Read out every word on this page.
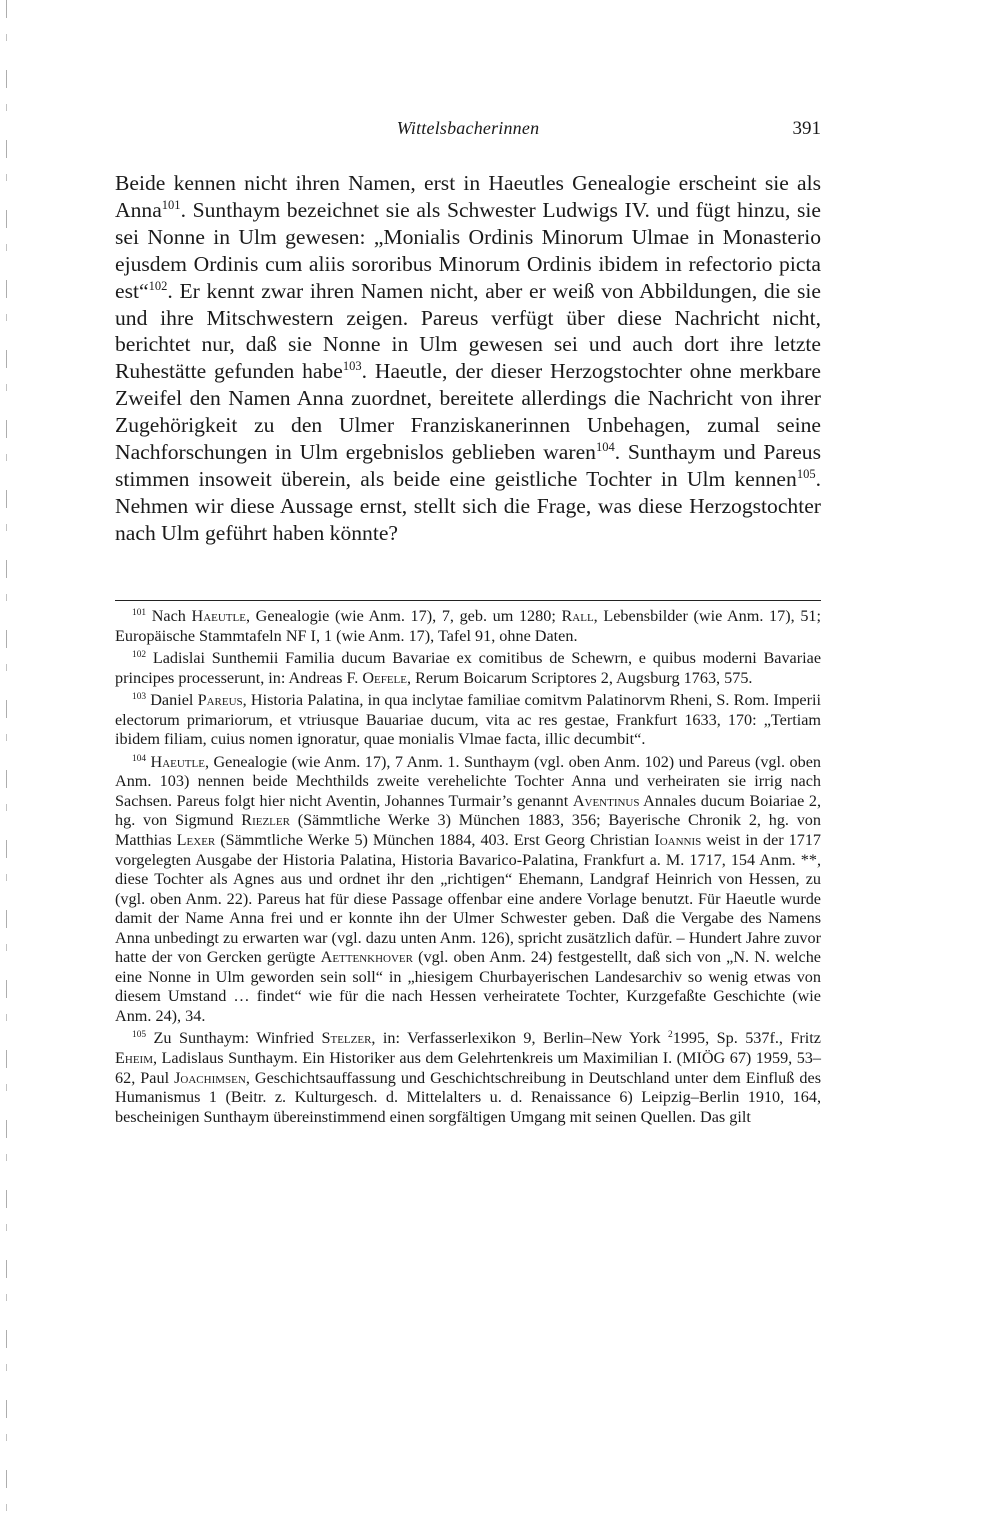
Wittelsbacherinnen	391

Beide kennen nicht ihren Namen, erst in Haeutles Genealogie erscheint sie als Anna$^{101}$. Sunthaym bezeichnet sie als Schwester Ludwigs IV. und fügt hinzu, sie sei Nonne in Ulm gewesen: „Monialis Ordinis Minorum Ulmae in Monasterio ejusdem Ordinis cum aliis sororibus Minorum Ordinis ibidem in refectorio picta est“$^{102}$. Er kennt zwar ihren Namen nicht, aber er weiß von Abbildungen, die sie und ihre Mitschwestern zeigen. Pareus verfügt über diese Nachricht nicht, berichtet nur, daß sie Nonne in Ulm gewesen sei und auch dort ihre letzte Ruhestätte gefunden habe$^{103}$. Haeutle, der dieser Herzogstochter ohne merkbare Zweifel den Namen Anna zuordnet, bereitete allerdings die Nachricht von ihrer Zugehörigkeit zu den Ulmer Franziskanerinnen Unbehagen, zumal seine Nachforschungen in Ulm ergebnislos geblieben waren$^{104}$. Sunthaym und Pareus stimmen insoweit überein, als beide eine geistliche Tochter in Ulm kennen$^{105}$. Nehmen wir diese Aussage ernst, stellt sich die Frage, was diese Herzogstochter nach Ulm geführt haben könnte?

$^{101}$ Nach Haeutle, Genealogie (wie Anm. 17), 7, geb. um 1280; Rall, Lebensbilder (wie Anm. 17), 51; Europäische Stammtafeln NF I, 1 (wie Anm. 17), Tafel 91, ohne Daten.

$^{102}$ Ladislai Sunthemii Familia ducum Bavariae ex comitibus de Schewrn, e quibus moderni Bavariae principes processerunt, in: Andreas F. Oefele, Rerum Boicarum Scriptores 2, Augsburg 1763, 575.

$^{103}$ Daniel Pareus, Historia Palatina, in qua inclytae familiae comitvm Palatinorvm Rheni, S. Rom. Imperii electorum primariorum, et vtriusque Bauariae ducum, vita ac res gestae, Frankfurt 1633, 170: „Tertiam ibidem filiam, cuius nomen ignoratur, quae monialis Vlmae facta, illic decumbit“.

$^{104}$ Haeutle, Genealogie (wie Anm. 17), 7 Anm. 1. Sunthaym (vgl. oben Anm. 102) und Pareus (vgl. oben Anm. 103) nennen beide Mechthilds zweite verehelichte Tochter Anna und verheiraten sie irrig nach Sachsen. Pareus folgt hier nicht Aventin, Johannes Turmair’s genannt Aventinus Annales ducum Boiariae 2, hg. von Sigmund Riezler (Sämmtliche Werke 3) München 1883, 356; Bayerische Chronik 2, hg. von Matthias Lexer (Sämmtliche Werke 5) München 1884, 403. Erst Georg Christian Ioannis weist in der 1717 vorgelegten Ausgabe der Historia Palatina, Historia Bavarico-Palatina, Frankfurt a. M. 1717, 154 Anm. **, diese Tochter als Agnes aus und ordnet ihr den „richtigen“ Ehemann, Landgraf Heinrich von Hessen, zu (vgl. oben Anm. 22). Pareus hat für diese Passage offenbar eine andere Vorlage benutzt. Für Haeutle wurde damit der Name Anna frei und er konnte ihn der Ulmer Schwester geben. Daß die Vergabe des Namens Anna unbedingt zu erwarten war (vgl. dazu unten Anm. 126), spricht zusätzlich dafür. – Hundert Jahre zuvor hatte der von Gercken gerügte Aettenkhover (vgl. oben Anm. 24) festgestellt, daß sich von „N. N. welche eine Nonne in Ulm geworden sein soll“ in „hiesigem Churbayerischen Landesarchiv so wenig etwas von diesem Umstand … findet“ wie für die nach Hessen verheiratete Tochter, Kurzgefaßte Geschichte (wie Anm. 24), 34.

$^{105}$ Zu Sunthaym: Winfried Stelzer, in: Verfasserlexikon 9, Berlin–New York $^2$1995, Sp. 537f., Fritz Eheim, Ladislaus Sunthaym. Ein Historiker aus dem Gelehrtenkreis um Maximilian I. (MIÖG 67) 1959, 53–62, Paul Joachimsen, Geschichtsauffassung und Geschichtschreibung in Deutschland unter dem Einfluß des Humanismus 1 (Beitr. z. Kulturgesch. d. Mittelalters u. d. Renaissance 6) Leipzig–Berlin 1910, 164, bescheinigen Sunthaym übereinstimmend einen sorgfältigen Umgang mit seinen Quellen. Das gilt
